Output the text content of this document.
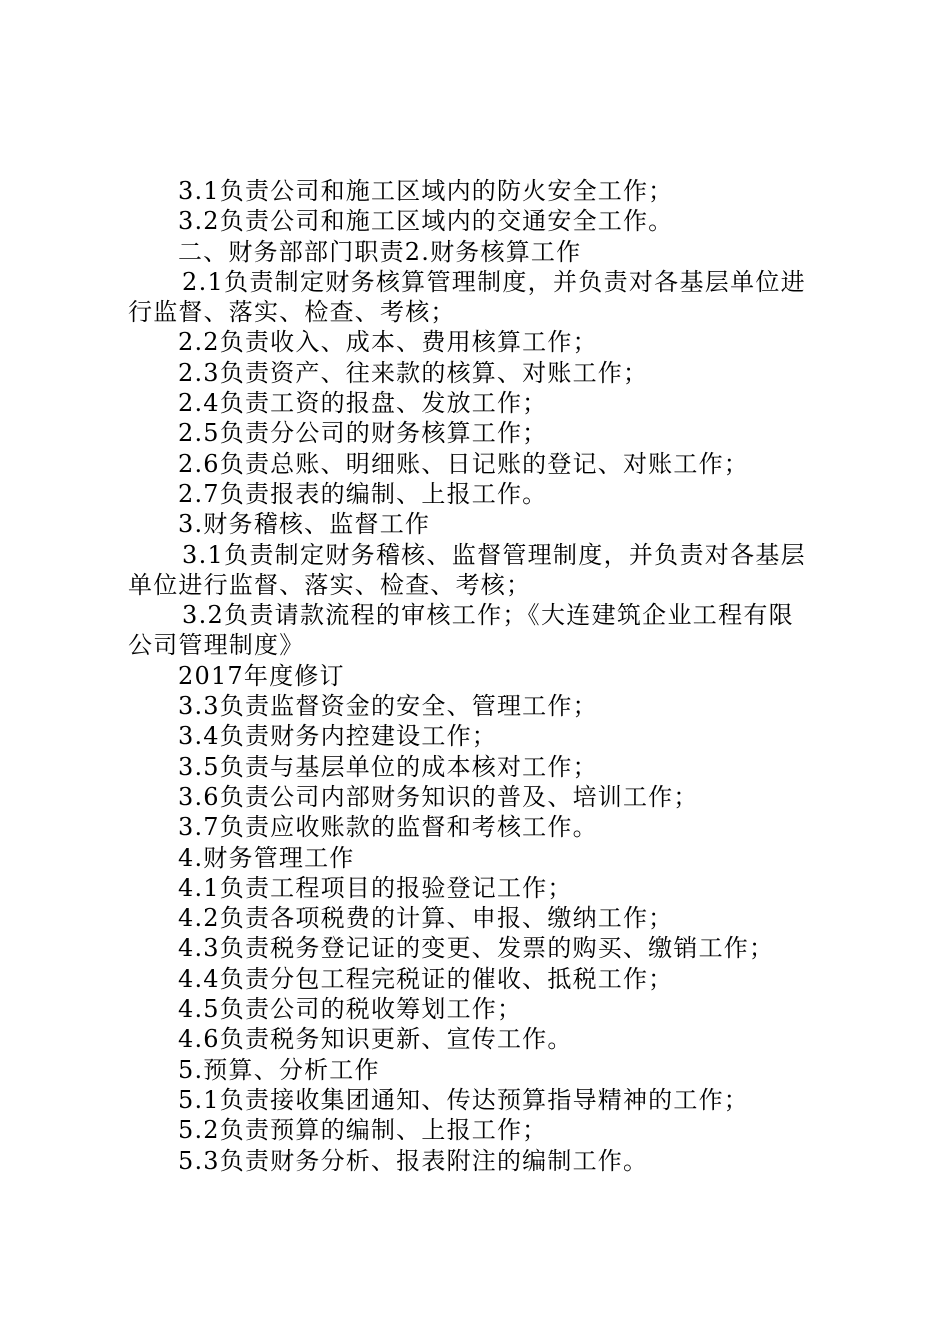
3.1负责公司和施工区域内的防火安全工作；
3.2负责公司和施工区域内的交通安全工作。
二、财务部部门职责2.财务核算工作
2.1负责制定财务核算管理制度，并负责对各基层单位进
行监督、落实、检查、考核；
2.2负责收入、成本、费用核算工作；
2.3负责资产、往来款的核算、对账工作；
2.4负责工资的报盘、发放工作；
2.5负责分公司的财务核算工作；
2.6负责总账、明细账、日记账的登记、对账工作；
2.7负责报表的编制、上报工作。
3.财务稽核、监督工作
3.1负责制定财务稽核、监督管理制度，并负责对各基层
单位进行监督、落实、检查、考核；
3.2负责请款流程的审核工作；《大连建筑企业工程有限
公司管理制度》
2017年度修订
3.3负责监督资金的安全、管理工作；
3.4负责财务内控建设工作；
3.5负责与基层单位的成本核对工作；
3.6负责公司内部财务知识的普及、培训工作；
3.7负责应收账款的监督和考核工作。
4.财务管理工作
4.1负责工程项目的报验登记工作；
4.2负责各项税费的计算、申报、缴纳工作；
4.3负责税务登记证的变更、发票的购买、缴销工作；
4.4负责分包工程完税证的催收、抵税工作；
4.5负责公司的税收筹划工作；
4.6负责税务知识更新、宣传工作。
5.预算、分析工作
5.1负责接收集团通知、传达预算指导精神的工作；
5.2负责预算的编制、上报工作；
5.3负责财务分析、报表附注的编制工作。
